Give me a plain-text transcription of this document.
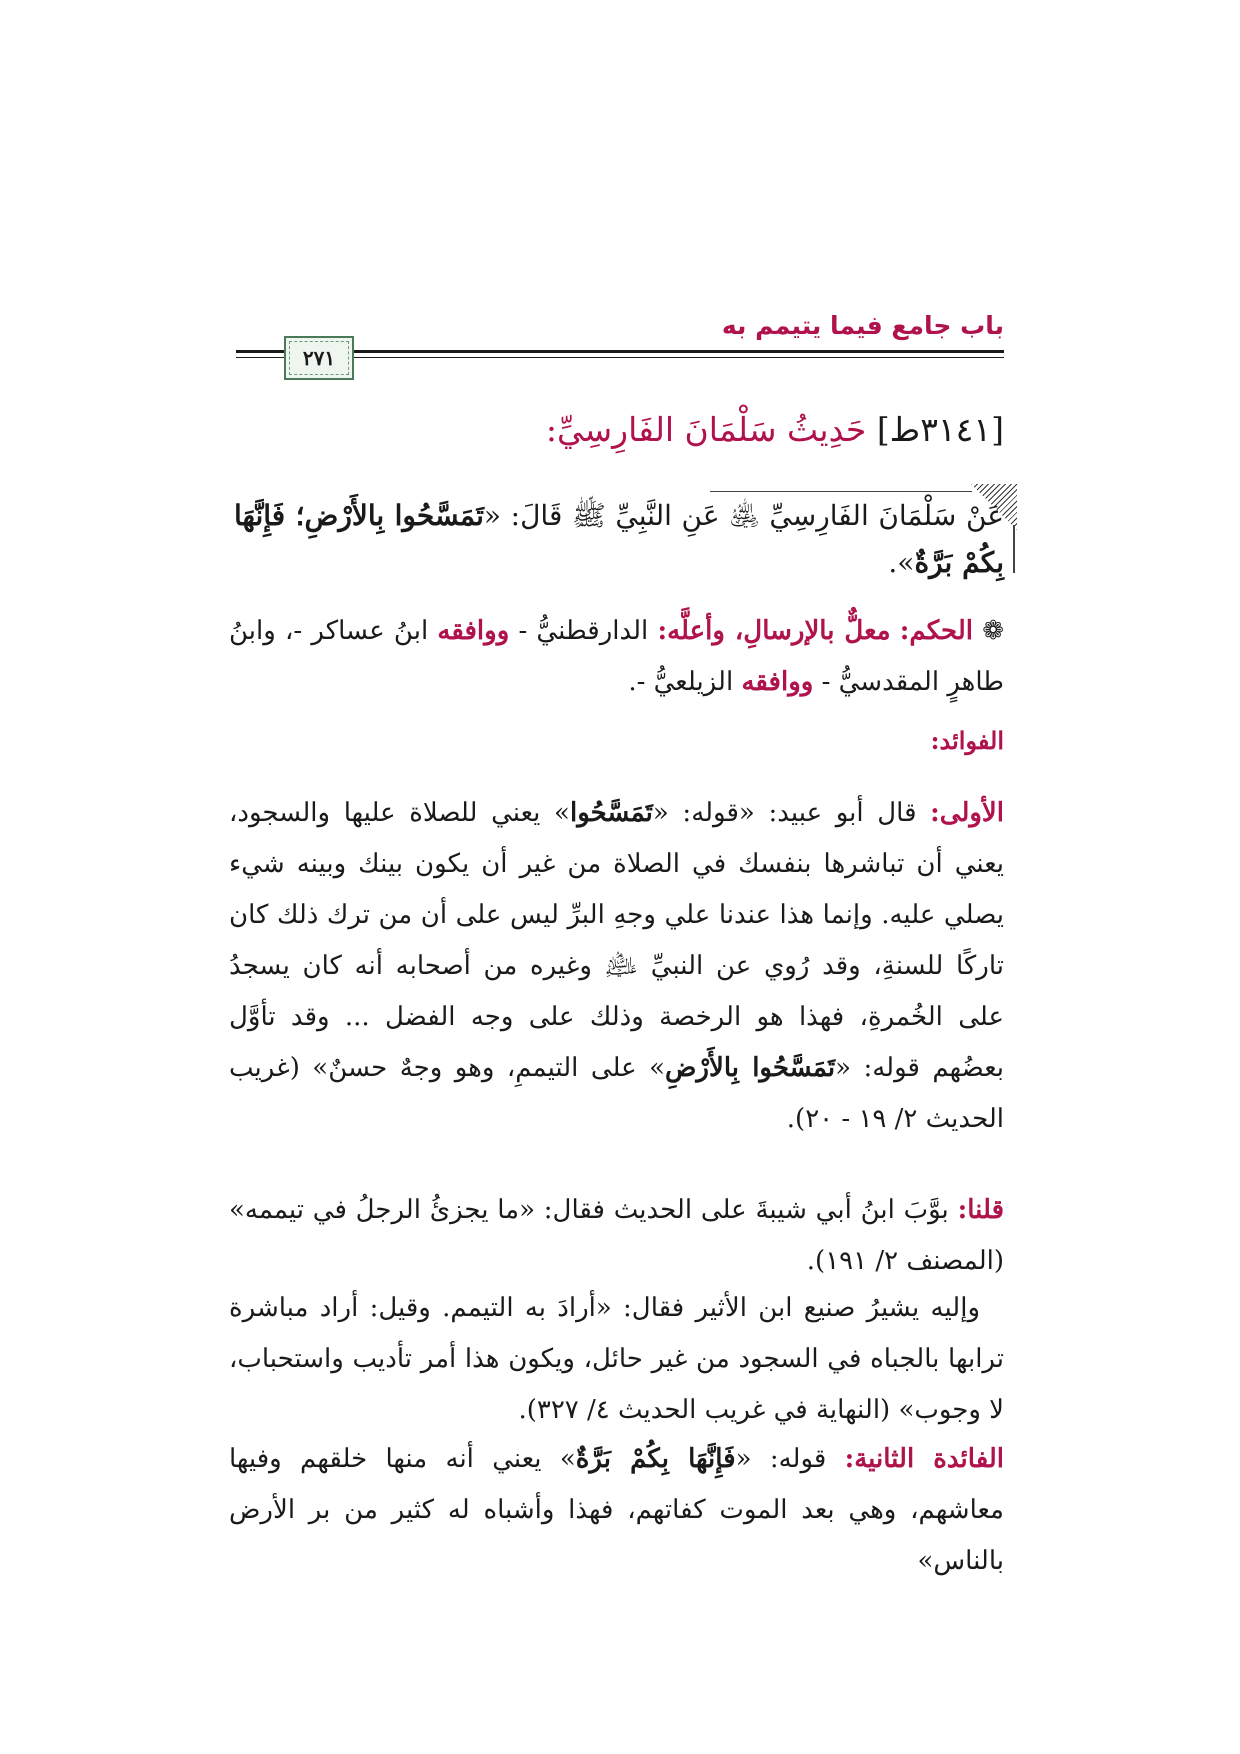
باب جامع فيما يتيمم به
٢٧١
[٣١٤١ط] حَدِيثُ سَلْمَانَ الفَارِسِيِّ:
عَنْ سَلْمَانَ الفَارِسِيِّ ﵁ عَنِ النَّبِيِّ ﷺ قَالَ: «تَمَسَّحُوا بِالأَرْضِ؛ فَإِنَّهَا بِكُمْ بَرَّةٌ».
❁ الحكم: معلٌّ بالإرسالِ، وأعلَّه: الدارقطنيُّ - ووافقه ابنُ عساكر -، وابنُ طاهرٍ المقدسيُّ - ووافقه الزيلعيُّ -.
الفوائد:
الأولى: قال أبو عبيد: «قوله: «تَمَسَّحُوا» يعني للصلاة عليها والسجود، يعني أن تباشرها بنفسك في الصلاة من غير أن يكون بينك وبينه شيء يصلي عليه. وإنما هذا عندنا علي وجهِ البرِّ ليس على أن من ترك ذلك كان تاركًا للسنةِ، وقد رُوي عن النبيِّ ﵇ وغيره من أصحابه أنه كان يسجدُ على الخُمرةِ، فهذا هو الرخصة وذلك على وجه الفضل ... وقد تأوَّل بعضُهم قوله: «تَمَسَّحُوا بِالأَرْضِ» على التيممِ، وهو وجهٌ حسنٌ» (غريب الحديث ٢/ ١٩ - ٢٠).
قلنا: بوَّبَ ابنُ أبي شيبةَ على الحديث فقال: «ما يجزئُ الرجلُ في تيممه» (المصنف ٢/ ١٩١).
وإليه يشيرُ صنيع ابن الأثير فقال: «أرادَ به التيمم. وقيل: أراد مباشرة ترابها بالجباه في السجود من غير حائل، ويكون هذا أمر تأديب واستحباب، لا وجوب» (النهاية في غريب الحديث ٤/ ٣٢٧).
الفائدة الثانية: قوله: «فَإِنَّهَا بِكُمْ بَرَّةٌ» يعني أنه منها خلقهم وفيها معاشهم، وهي بعد الموت كفاتهم، فهذا وأشباه له كثير من بر الأرض بالناس»
